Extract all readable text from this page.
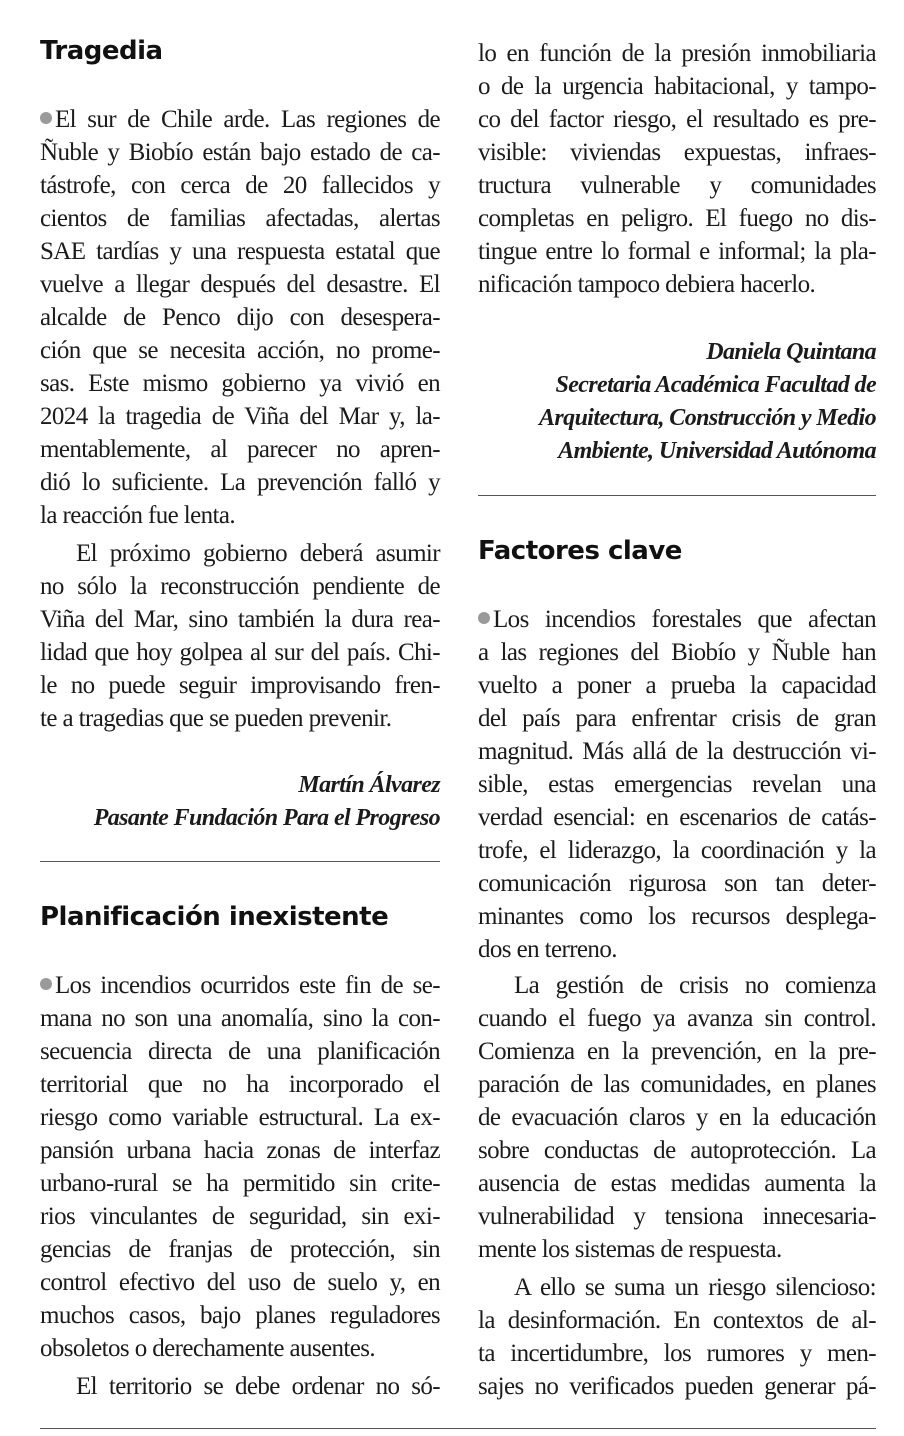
Tragedia
El sur de Chile arde. Las regiones de
Ñuble y Biobío están bajo estado de ca-
tástrofe, con cerca de 20 fallecidos y
cientos de familias afectadas, alertas
SAE tardías y una respuesta estatal que
vuelve a llegar después del desastre. El
alcalde de Penco dijo con desespera-
ción que se necesita acción, no prome-
sas. Este mismo gobierno ya vivió en
2024 la tragedia de Viña del Mar y, la-
mentablemente, al parecer no apren-
dió lo suficiente. La prevención falló y
la reacción fue lenta.
El próximo gobierno deberá asumir
no sólo la reconstrucción pendiente de
Viña del Mar, sino también la dura rea-
lidad que hoy golpea al sur del país. Chi-
le no puede seguir improvisando fren-
te a tragedias que se pueden prevenir.
Martín Álvarez
Pasante Fundación Para el Progreso
Planificación inexistente
Los incendios ocurridos este fin de se-
mana no son una anomalía, sino la con-
secuencia directa de una planificación
territorial que no ha incorporado el
riesgo como variable estructural. La ex-
pansión urbana hacia zonas de interfaz
urbano-rural se ha permitido sin crite-
rios vinculantes de seguridad, sin exi-
gencias de franjas de protección, sin
control efectivo del uso de suelo y, en
muchos casos, bajo planes reguladores
obsoletos o derechamente ausentes.
El territorio se debe ordenar no só-
lo en función de la presión inmobiliaria
o de la urgencia habitacional, y tampo-
co del factor riesgo, el resultado es pre-
visible: viviendas expuestas, infraes-
tructura vulnerable y comunidades
completas en peligro. El fuego no dis-
tingue entre lo formal e informal; la pla-
nificación tampoco debiera hacerlo.
Daniela Quintana
Secretaria Académica Facultad de
Arquitectura, Construcción y Medio
Ambiente, Universidad Autónoma
Factores clave
Los incendios forestales que afectan
a las regiones del Biobío y Ñuble han
vuelto a poner a prueba la capacidad
del país para enfrentar crisis de gran
magnitud. Más allá de la destrucción vi-
sible, estas emergencias revelan una
verdad esencial: en escenarios de catás-
trofe, el liderazgo, la coordinación y la
comunicación rigurosa son tan deter-
minantes como los recursos desplega-
dos en terreno.
La gestión de crisis no comienza
cuando el fuego ya avanza sin control.
Comienza en la prevención, en la pre-
paración de las comunidades, en planes
de evacuación claros y en la educación
sobre conductas de autoprotección. La
ausencia de estas medidas aumenta la
vulnerabilidad y tensiona innecesaria-
mente los sistemas de respuesta.
A ello se suma un riesgo silencioso:
la desinformación. En contextos de al-
ta incertidumbre, los rumores y men-
sajes no verificados pueden generar pá-
